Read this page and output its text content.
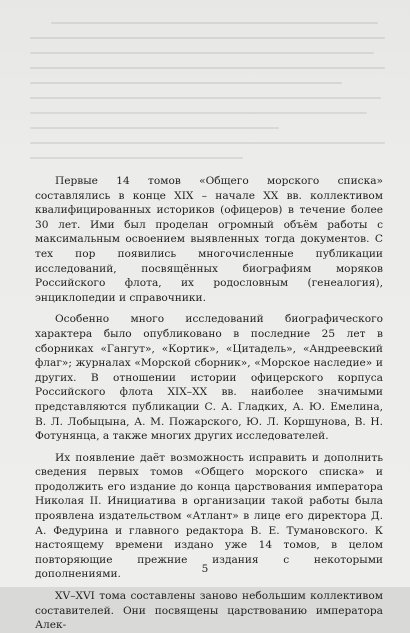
Первые 14 томов «Общего морского списка» составлялись в конце XIX – начале XX вв. коллективом квалифицированных историков (офицеров) в течение более 30 лет. Ими был проделан огромный объём работы с максимальным освоением выявленных тогда документов. С тех пор появились многочисленные публикации исследований, посвящённых биографиям моряков Российского флота, их родословным (генеалогия), энциклопедии и справочники.

Особенно много исследований биографического характера было опубликовано в последние 25 лет в сборниках «Гангут», «Кортик», «Цитадель», «Андреевский флаг»; журналах «Морской сборник», «Морское наследие» и других. В отношении истории офицерского корпуса Российского флота XIX–XX вв. наиболее значимыми представляются публикации С. А. Гладких, А. Ю. Емелина, В. Л. Лобыцына, А. М. Пожарского, Ю. Л. Коршунова, В. Н. Фотунянца, а также многих других исследователей.

Их появление даёт возможность исправить и дополнить сведения первых томов «Общего морского списка» и продолжить его издание до конца царствования императора Николая II. Инициатива в организации такой работы была проявлена издательством «Атлант» в лице его директора Д. А. Федурина и главного редактора В. Е. Тумановского. К настоящему времени издано уже 14 томов, в целом повторяющие прежние издания с некоторыми дополнениями.

XV–XVI тома составлены заново небольшим коллективом составителей. Они посвящены царствованию императора Алек-

5
